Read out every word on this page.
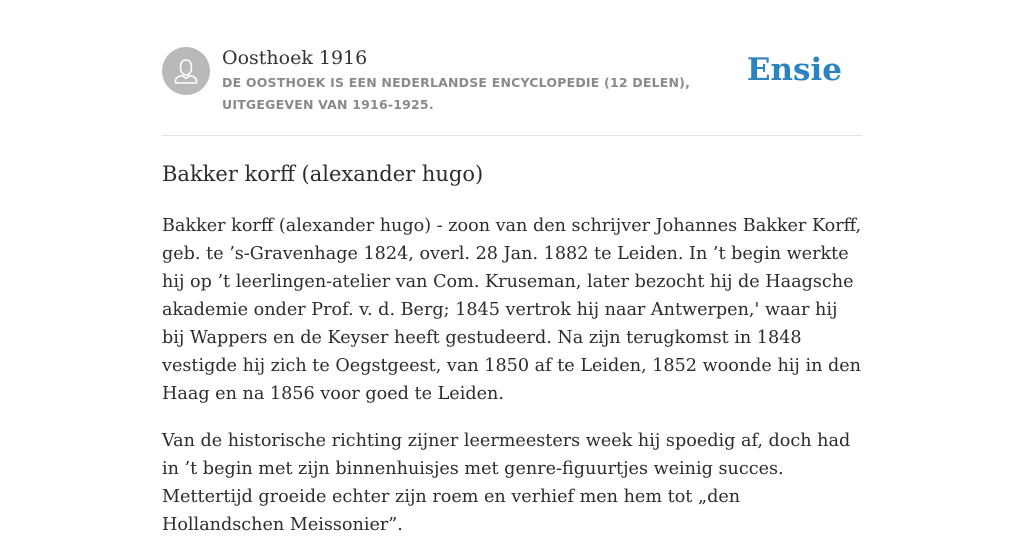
Oosthoek 1916
DE OOSTHOEK IS EEN NEDERLANDSE ENCYCLOPEDIE (12 DELEN), UITGEGEVEN VAN 1916-1925.
Ensie
Bakker korff (alexander hugo)

Bakker korff (alexander hugo) - zoon van den schrijver Johannes Bakker Korff, geb. te ’s-Gravenhage 1824, overl. 28 Jan. 1882 te Leiden. In ’t begin werkte hij op ’t leerlingen-atelier van Com. Kruseman, later bezocht hij de Haagsche akademie onder Prof. v. d. Berg; 1845 vertrok hij naar Antwerpen,' waar hij bij Wappers en de Keyser heeft gestudeerd. Na zijn terugkomst in 1848 vestigde hij zich te Oegstgeest, van 1850 af te Leiden, 1852 woonde hij in den Haag en na 1856 voor goed te Leiden.

Van de historische richting zijner leermeesters week hij spoedig af, doch had in ’t begin met zijn binnenhuisjes met genre-figuurtjes weinig succes. Mettertijd groeide echter zijn roem en verhief men hem tot „den Hollandschen Meissonier”.
